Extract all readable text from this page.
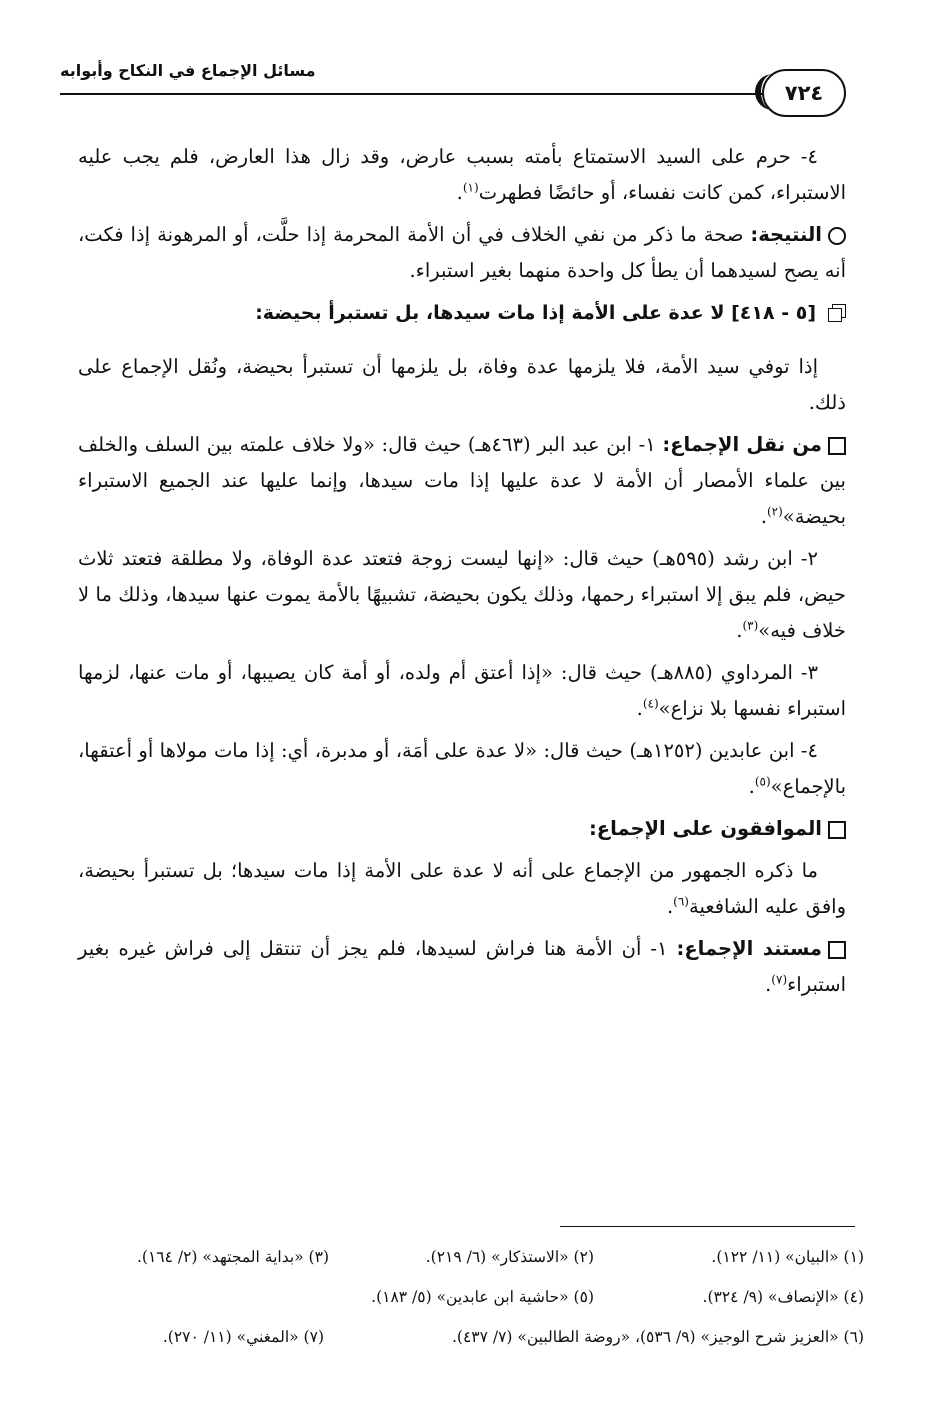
مسائل الإجماع في النكاح وأبوابه
٧٢٤

٤- حرم على السيد الاستمتاع بأمته بسبب عارض، وقد زال هذا العارض، فلم يجب عليه الاستبراء، كمن كانت نفساء، أو حائضًا فطهرت$^{(١)}$.

النتيجة: صحة ما ذكر من نفي الخلاف في أن الأمة المحرمة إذا حلَّت، أو المرهونة إذا فكت، أنه يصح لسيدهما أن يطأ كل واحدة منهما بغير استبراء.

[٥ - ٤١٨] لا عدة على الأمة إذا مات سيدها، بل تستبرأ بحيضة:

إذا توفي سيد الأمة، فلا يلزمها عدة وفاة، بل يلزمها أن تستبرأ بحيضة، ونُقل الإجماع على ذلك.

من نقل الإجماع: ١- ابن عبد البر (٤٦٣هـ) حيث قال: «ولا خلاف علمته بين السلف والخلف بين علماء الأمصار أن الأمة لا عدة عليها إذا مات سيدها، وإنما عليها عند الجميع الاستبراء بحيضة»$^{(٢)}$.

٢- ابن رشد (٥٩٥هـ) حيث قال: «إنها ليست زوجة فتعتد عدة الوفاة، ولا مطلقة فتعتد ثلاث حيض، فلم يبق إلا استبراء رحمها، وذلك يكون بحيضة، تشبيهًا بالأمة يموت عنها سيدها، وذلك ما لا خلاف فيه»$^{(٣)}$.

٣- المرداوي (٨٨٥هـ) حيث قال: «إذا أعتق أم ولده، أو أمة كان يصيبها، أو مات عنها، لزمها استبراء نفسها بلا نزاع»$^{(٤)}$.

٤- ابن عابدين (١٢٥٢هـ) حيث قال: «لا عدة على أمَة، أو مدبرة، أي: إذا مات مولاها أو أعتقها، بالإجماع»$^{(٥)}$.

الموافقون على الإجماع:

ما ذكره الجمهور من الإجماع على أنه لا عدة على الأمة إذا مات سيدها؛ بل تستبرأ بحيضة، وافق عليه الشافعية$^{(٦)}$.

مستند الإجماع: ١- أن الأمة هنا فراش لسيدها، فلم يجز أن تنتقل إلى فراش غيره بغير استبراء$^{(٧)}$.

(١) «البيان» (١١/ ١٢٢).
(٢) «الاستذكار» (٦/ ٢١٩).
(٣) «بداية المجتهد» (٢/ ١٦٤).
(٤) «الإنصاف» (٩/ ٣٢٤).
(٥) «حاشية ابن عابدين» (٥/ ١٨٣).
(٦) «العزيز شرح الوجيز» (٩/ ٥٣٦)، «روضة الطالبين» (٧/ ٤٣٧).
(٧) «المغني» (١١/ ٢٧٠).
